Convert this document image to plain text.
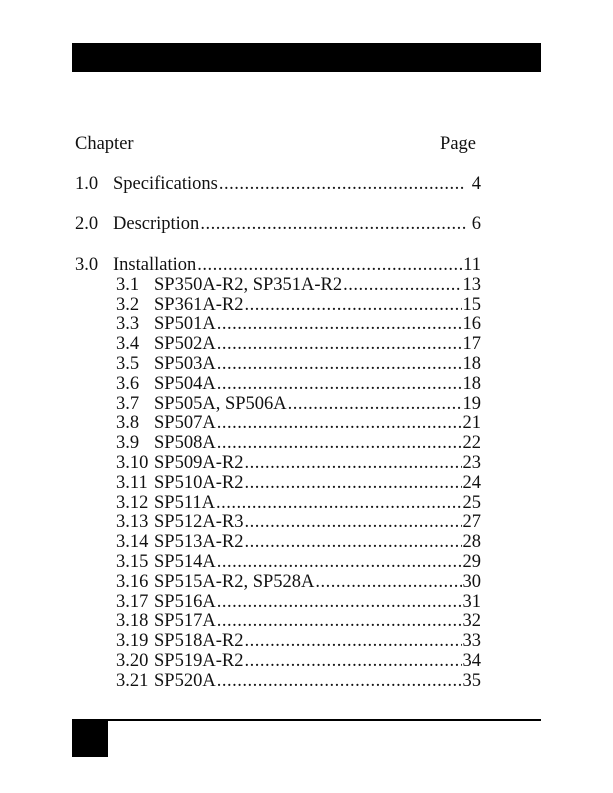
Chapter	Page
1.0 Specifications .....	4
2.0 Description .....	6
3.0 Installation .....	11
3.1 SP350A-R2, SP351A-R2 .....	13
3.2 SP361A-R2 .....	15
3.3 SP501A .....	16
3.4 SP502A .....	17
3.5 SP503A .....	18
3.6 SP504A .....	18
3.7 SP505A, SP506A .....	19
3.8 SP507A .....	21
3.9 SP508A .....	22
3.10 SP509A-R2 .....	23
3.11 SP510A-R2 .....	24
3.12 SP511A .....	25
3.13 SP512A-R3 .....	27
3.14 SP513A-R2 .....	28
3.15 SP514A .....	29
3.16 SP515A-R2, SP528A .....	30
3.17 SP516A .....	31
3.18 SP517A .....	32
3.19 SP518A-R2 .....	33
3.20 SP519A-R2 .....	34
3.21 SP520A .....	35
